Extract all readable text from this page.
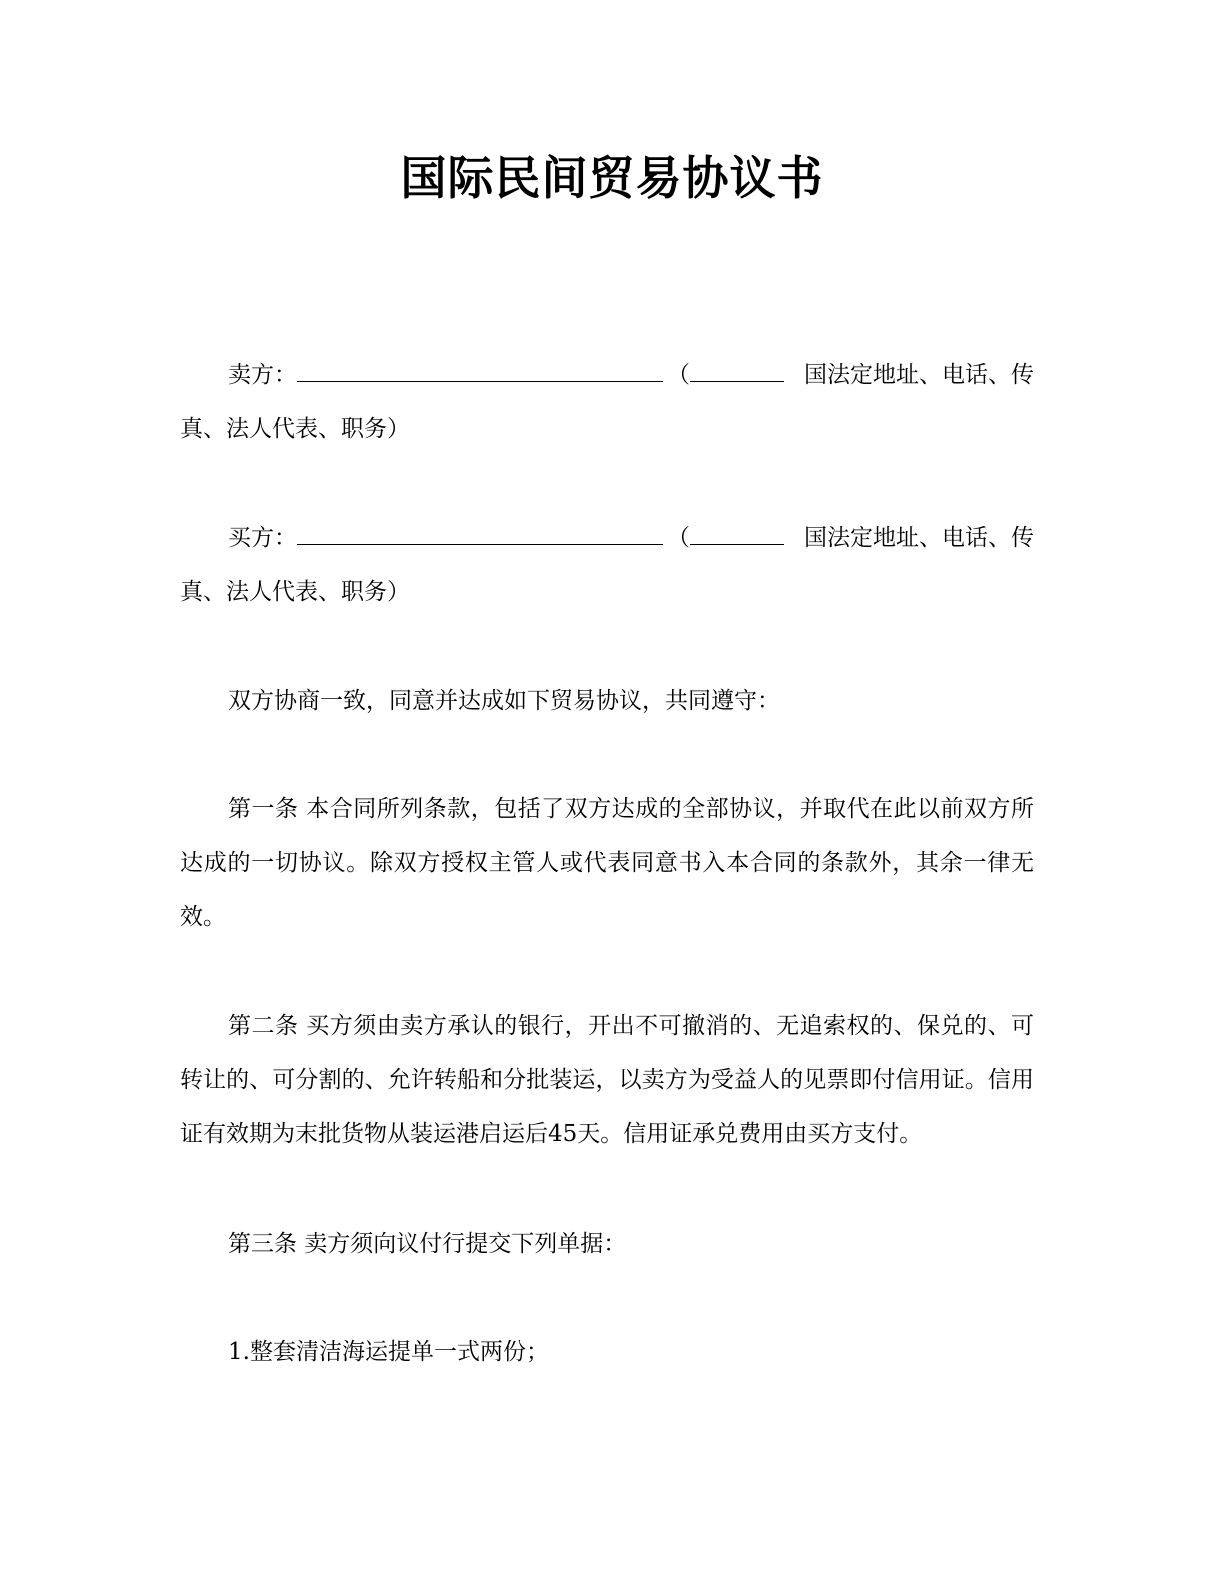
国际民间贸易协议书
卖方：	（	国法定地址、电话、传
真、法人代表、职务）
买方：	（	国法定地址、电话、传
真、法人代表、职务）
双方协商一致，同意并达成如下贸易协议，共同遵守：
第一条 本合同所列条款，包括了双方达成的全部协议，并取代在此以前双方所达成的一切协议。除双方授权主管人或代表同意书入本合同的条款外，其余一律无效。
第二条 买方须由卖方承认的银行，开出不可撤消的、无追索权的、保兑的、可转让的、可分割的、允许转船和分批装运，以卖方为受益人的见票即付信用证。信用证有效期为末批货物从装运港启运后45天。信用证承兑费用由买方支付。
第三条 卖方须向议付行提交下列单据：
1.整套清洁海运提单一式两份；
